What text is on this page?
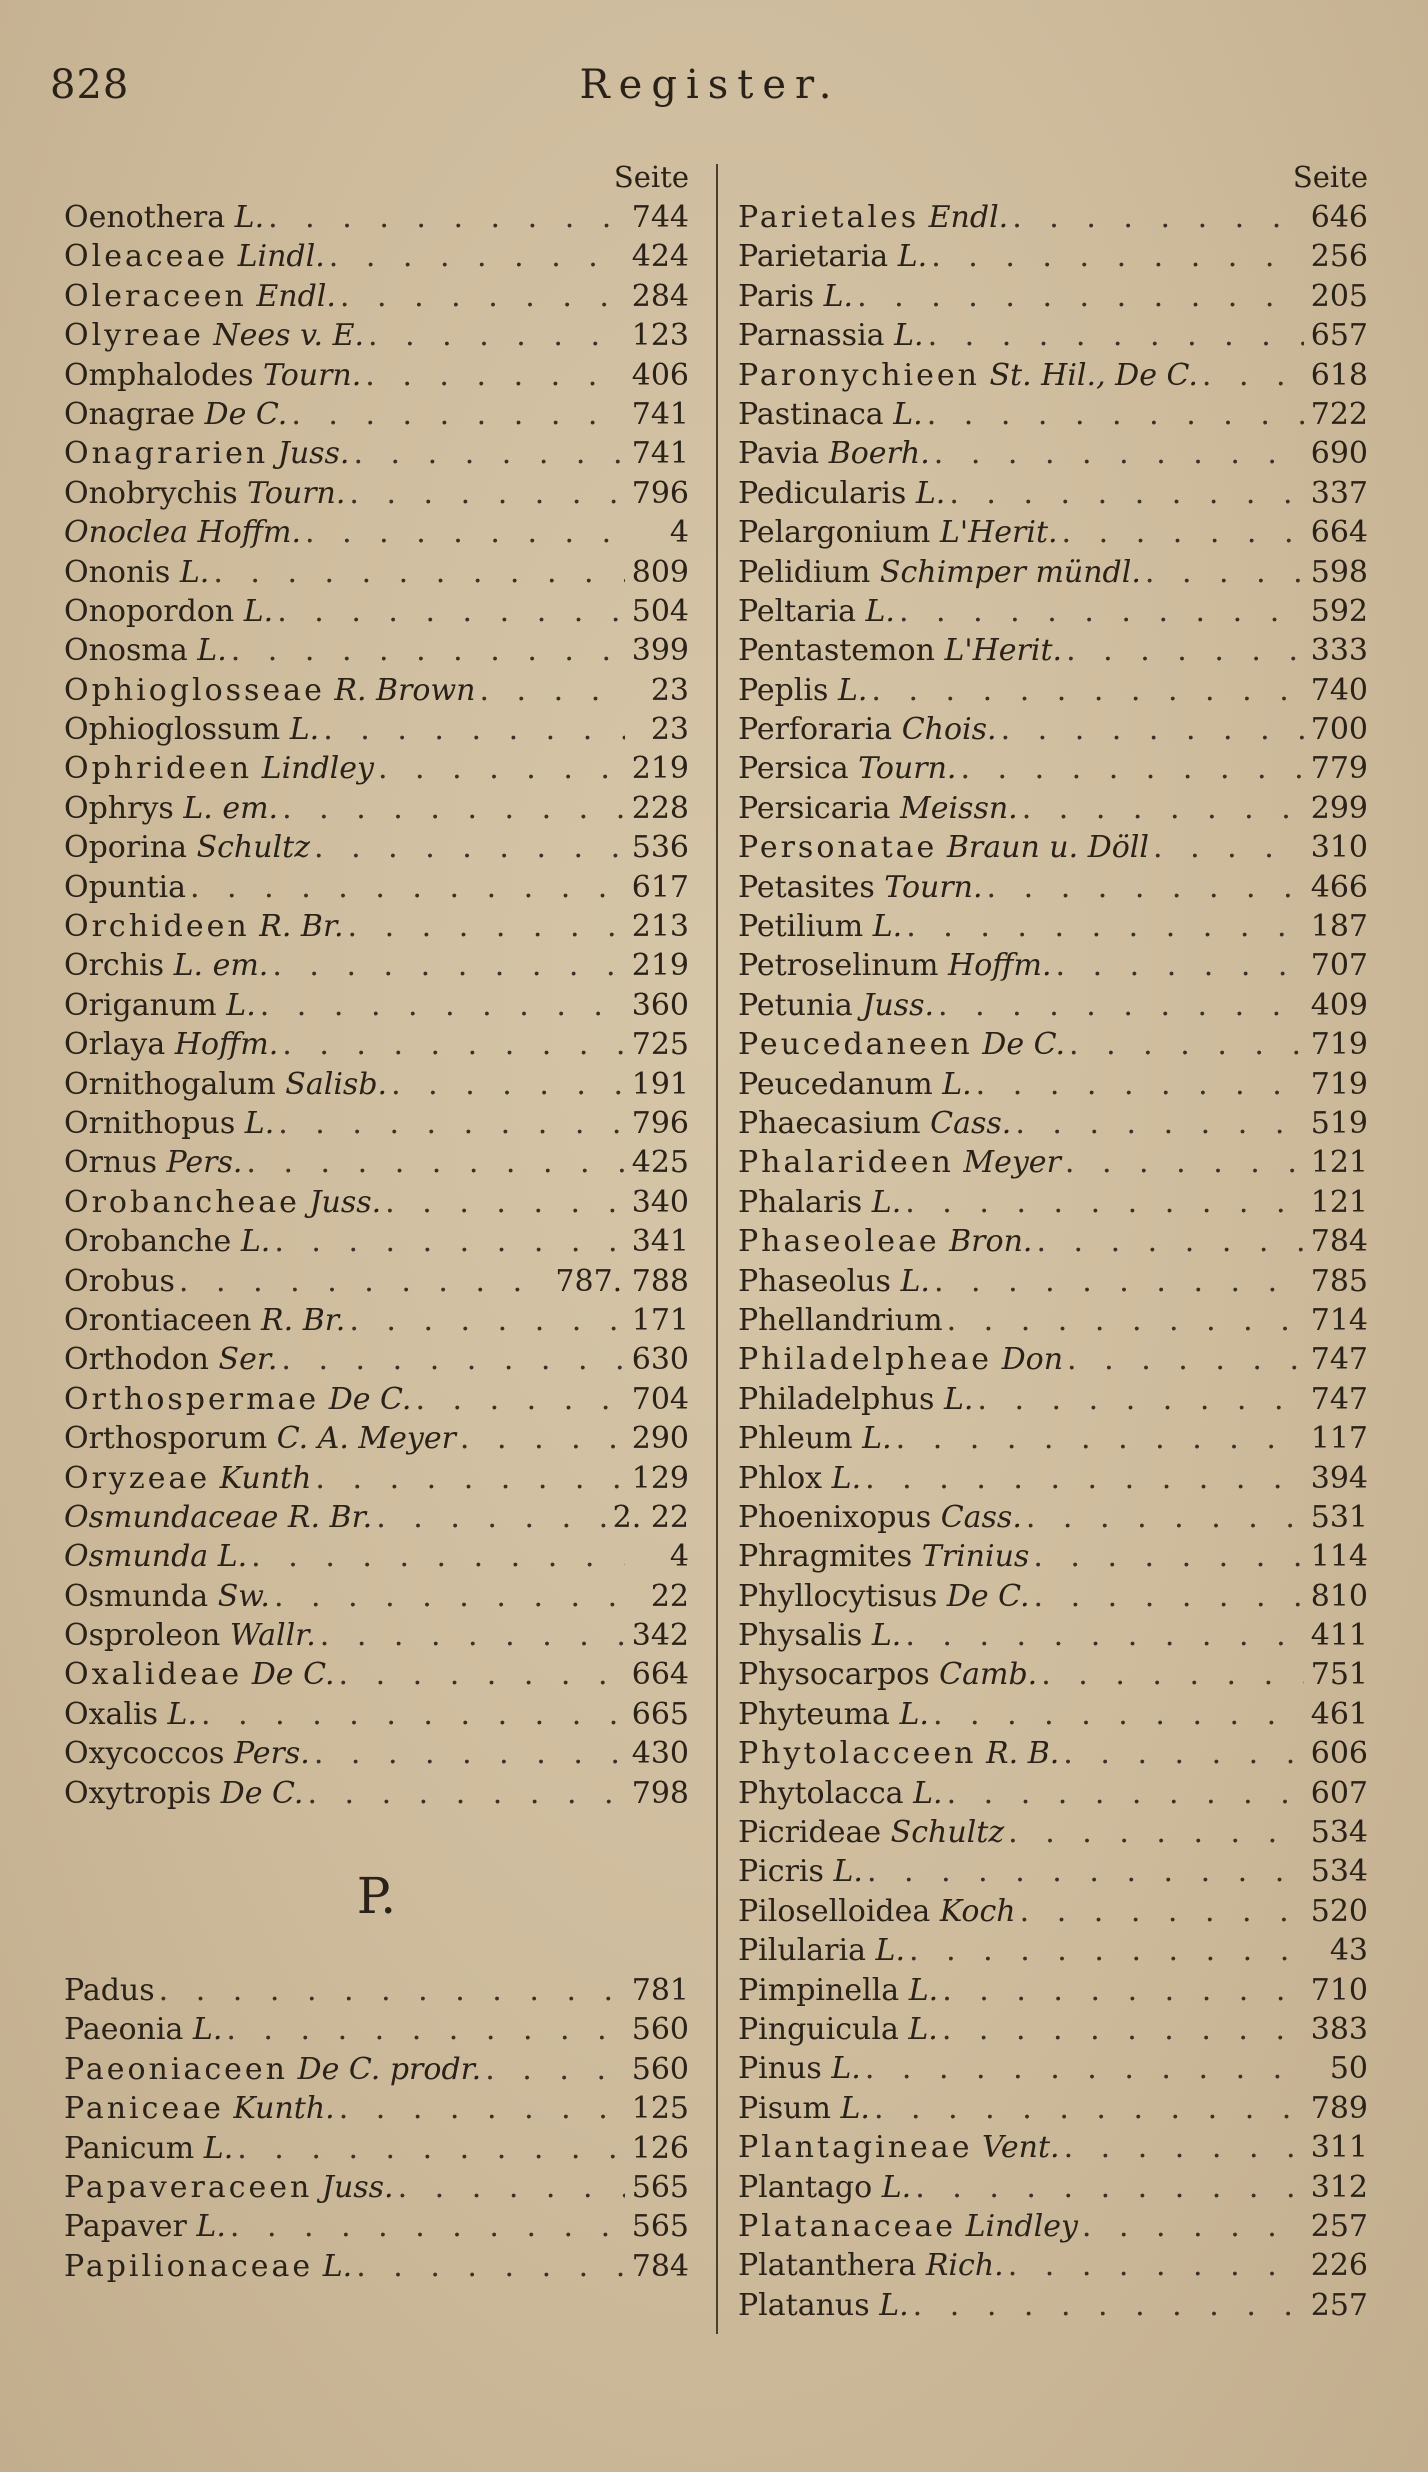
828	Register.
Seite
Oenothera L. . . .	744
Oleaceae Lindl. . . .	424
Oleraceen Endl. . . .	284
Olyreae Nees v. E. . . .	123
Omphalodes Tourn. . . .	406
Onagrae De C. . . .	741
Onagrarien Juss. . . .	741
Onobrychis Tourn. . . .	796
Onoclea Hoffm. . . .	4
Ononis L. . . .	809
Onopordon L. . . .	504
Onosma L. . . .	399
Ophioglosseae R. Brown . . .	23
Ophioglossum L. . . .	23
Ophrideen Lindley . . .	219
Ophrys L. em. . . .	228
Oporina Schultz . . .	536
Opuntia . . .	617
Orchideen R. Br. . . .	213
Orchis L. em. . . .	219
Origanum L. . . .	360
Orlaya Hoffm. . . .	725
Ornithogalum Salisb. . . .	191
Ornithopus L. . . .	796
Ornus Pers. . . .	425
Orobancheae Juss. . . .	340
Orobanche L. . . .	341
Orobus . . .	787. 788
Orontiaceen R. Br. . . .	171
Orthodon Ser. . . .	630
Orthospermae De C. . . .	704
Orthosporum C. A. Meyer . . .	290
Oryzeae Kunth . . .	129
Osmundaceae R. Br. . . .	2. 22
Osmunda L. . . .	4
Osmunda Sw. . . .	22
Osproleon Wallr. . . .	342
Oxalideae De C. . . .	664
Oxalis L. . . .	665
Oxycoccos Pers. . . .	430
Oxytropis De C. . . .	798
P.
Padus . . .	781
Paeonia L. . . .	560
Paeoniaceen De C. prodr. . . .	560
Paniceae Kunth. . . .	125
Panicum L. . . .	126
Papaveraceen Juss. . . .	565
Papaver L. . . .	565
Papilionaceae L. . . .	784
Seite
Parietales Endl. . . .	646
Parietaria L. . . .	256
Paris L. . . .	205
Parnassia L. . . .	657
Paronychieen St. Hil., De C. . . .	618
Pastinaca L. . . .	722
Pavia Boerh. . . .	690
Pedicularis L. . . .	337
Pelargonium L'Herit. . . .	664
Pelidium Schimper mündl. . . .	598
Peltaria L. . . .	592
Pentastemon L'Herit. . . .	333
Peplis L. . . .	740
Perforaria Chois. . . .	700
Persica Tourn. . . .	779
Persicaria Meissn. . . .	299
Personatae Braun u. Döll . . .	310
Petasites Tourn. . . .	466
Petilium L. . . .	187
Petroselinum Hoffm. . . .	707
Petunia Juss. . . .	409
Peucedaneen De C. . . .	719
Peucedanum L. . . .	719
Phaecasium Cass. . . .	519
Phalarideen Meyer . . .	121
Phalaris L. . . .	121
Phaseoleae Bron. . . .	784
Phaseolus L. . . .	785
Phellandrium . . .	714
Philadelpheae Don . . .	747
Philadelphus L. . . .	747
Phleum L. . . .	117
Phlox L. . . .	394
Phoenixopus Cass. . . .	531
Phragmites Trinius . . .	114
Phyllocytisus De C. . . .	810
Physalis L. . . .	411
Physocarpos Camb. . . .	751
Phyteuma L. . . .	461
Phytolacceen R. B. . . .	606
Phytolacca L. . . .	607
Picrideae Schultz . . .	534
Picris L. . . .	534
Piloselloidea Koch . . .	520
Pilularia L. . . .	43
Pimpinella L. . . .	710
Pinguicula L. . . .	383
Pinus L. . . .	50
Pisum L. . . .	789
Plantagineae Vent. . . .	311
Plantago L. . . .	312
Platanaceae Lindley . . .	257
Platanthera Rich. . . .	226
Platanus L. . . .	257
